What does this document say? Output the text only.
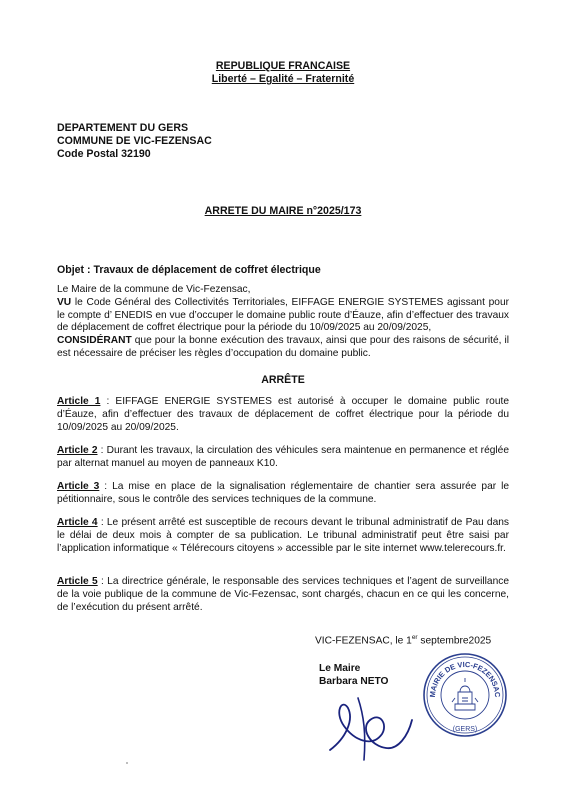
REPUBLIQUE FRANCAISE
Liberté – Egalité – Fraternité
DEPARTEMENT DU GERS
COMMUNE DE VIC-FEZENSAC
Code Postal 32190
ARRETE DU MAIRE n°2025/173
Objet : Travaux de déplacement de coffret électrique
Le Maire de la commune de Vic-Fezensac,
VU le Code Général des Collectivités Territoriales, EIFFAGE ENERGIE SYSTEMES agissant pour le compte d’ ENEDIS en vue d’occuper le domaine public route d’Éauze, afin d’effectuer des travaux de déplacement de coffret électrique pour la période du 10/09/2025 au 20/09/2025,
CONSIDÉRANT que pour la bonne exécution des travaux, ainsi que pour des raisons de sécurité, il est nécessaire de préciser les règles d’occupation du domaine public.
ARRÊTE
Article 1 : EIFFAGE ENERGIE SYSTEMES est autorisé à occuper le domaine public route d’Éauze, afin d’effectuer des travaux de déplacement de coffret électrique pour la période du 10/09/2025 au 20/09/2025.
Article 2 : Durant les travaux, la circulation des véhicules sera maintenue en permanence et réglée par alternat manuel au moyen de panneaux K10.
Article 3 : La mise en place de la signalisation réglementaire de chantier sera assurée par le pétitionnaire, sous le contrôle des services techniques de la commune.
Article 4 : Le présent arrêté est susceptible de recours devant le tribunal administratif de Pau dans le délai de deux mois à compter de sa publication. Le tribunal administratif peut être saisi par l’application informatique « Télérecours citoyens » accessible par le site internet www.telerecours.fr.
Article 5 : La directrice générale, le responsable des services techniques et l’agent de surveillance de la voie publique de la commune de Vic-Fezensac, sont chargés, chacun en ce qui les concerne, de l’exécution du présent arrêté.
VIC-FEZENSAC, le 1er septembre2025
Le Maire
Barbara NETO
MAIRIE DE VIC-FEZENSAC
(GERS)
